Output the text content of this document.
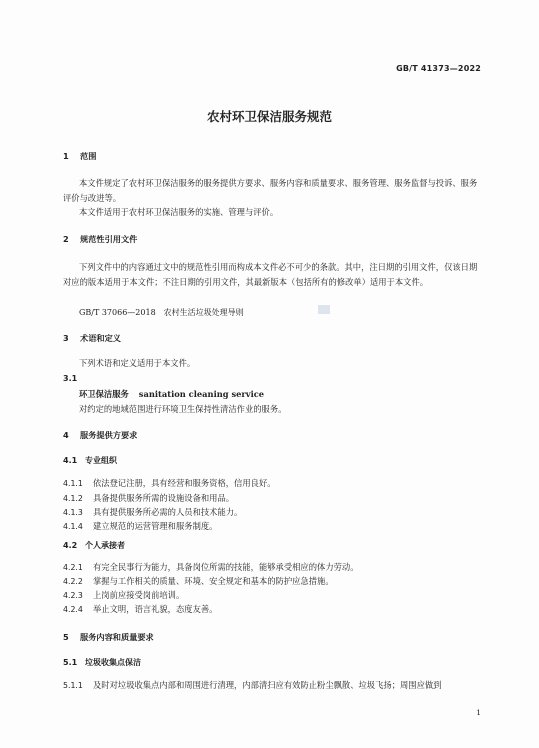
GB/T 41373—2022
农村环卫保洁服务规范
1 范围
本文件规定了农村环卫保洁服务的服务提供方要求、服务内容和质量要求、服务管理、服务监督与投诉、服务评价与改进等。
本文件适用于农村环卫保洁服务的实施、管理与评价。
2 规范性引用文件
下列文件中的内容通过文中的规范性引用而构成本文件必不可少的条款。其中，注日期的引用文件，仅该日期对应的版本适用于本文件；不注日期的引用文件，其最新版本（包括所有的修改单）适用于本文件。
GB/T 37066—2018　农村生活垃圾处理导则
3 术语和定义
下列术语和定义适用于本文件。
3.1
环卫保洁服务 sanitation cleaning service
对约定的地域范围进行环境卫生保持性清洁作业的服务。
4 服务提供方要求
4.1 专业组织
4.1.1 依法登记注册，具有经营和服务资格，信用良好。
4.1.2 具备提供服务所需的设施设备和用品。
4.1.3 具有提供服务所必需的人员和技术能力。
4.1.4 建立规范的运营管理和服务制度。
4.2 个人承接者
4.2.1 有完全民事行为能力，具备岗位所需的技能，能够承受相应的体力劳动。
4.2.2 掌握与工作相关的质量、环境、安全规定和基本的防护应急措施。
4.2.3 上岗前应接受岗前培训。
4.2.4 举止文明，语言礼貌，态度友善。
5 服务内容和质量要求
5.1 垃圾收集点保洁
5.1.1 及时对垃圾收集点内部和周围进行清理，内部清扫应有效防止粉尘飘散、垃圾飞扬；周围应做到
1
